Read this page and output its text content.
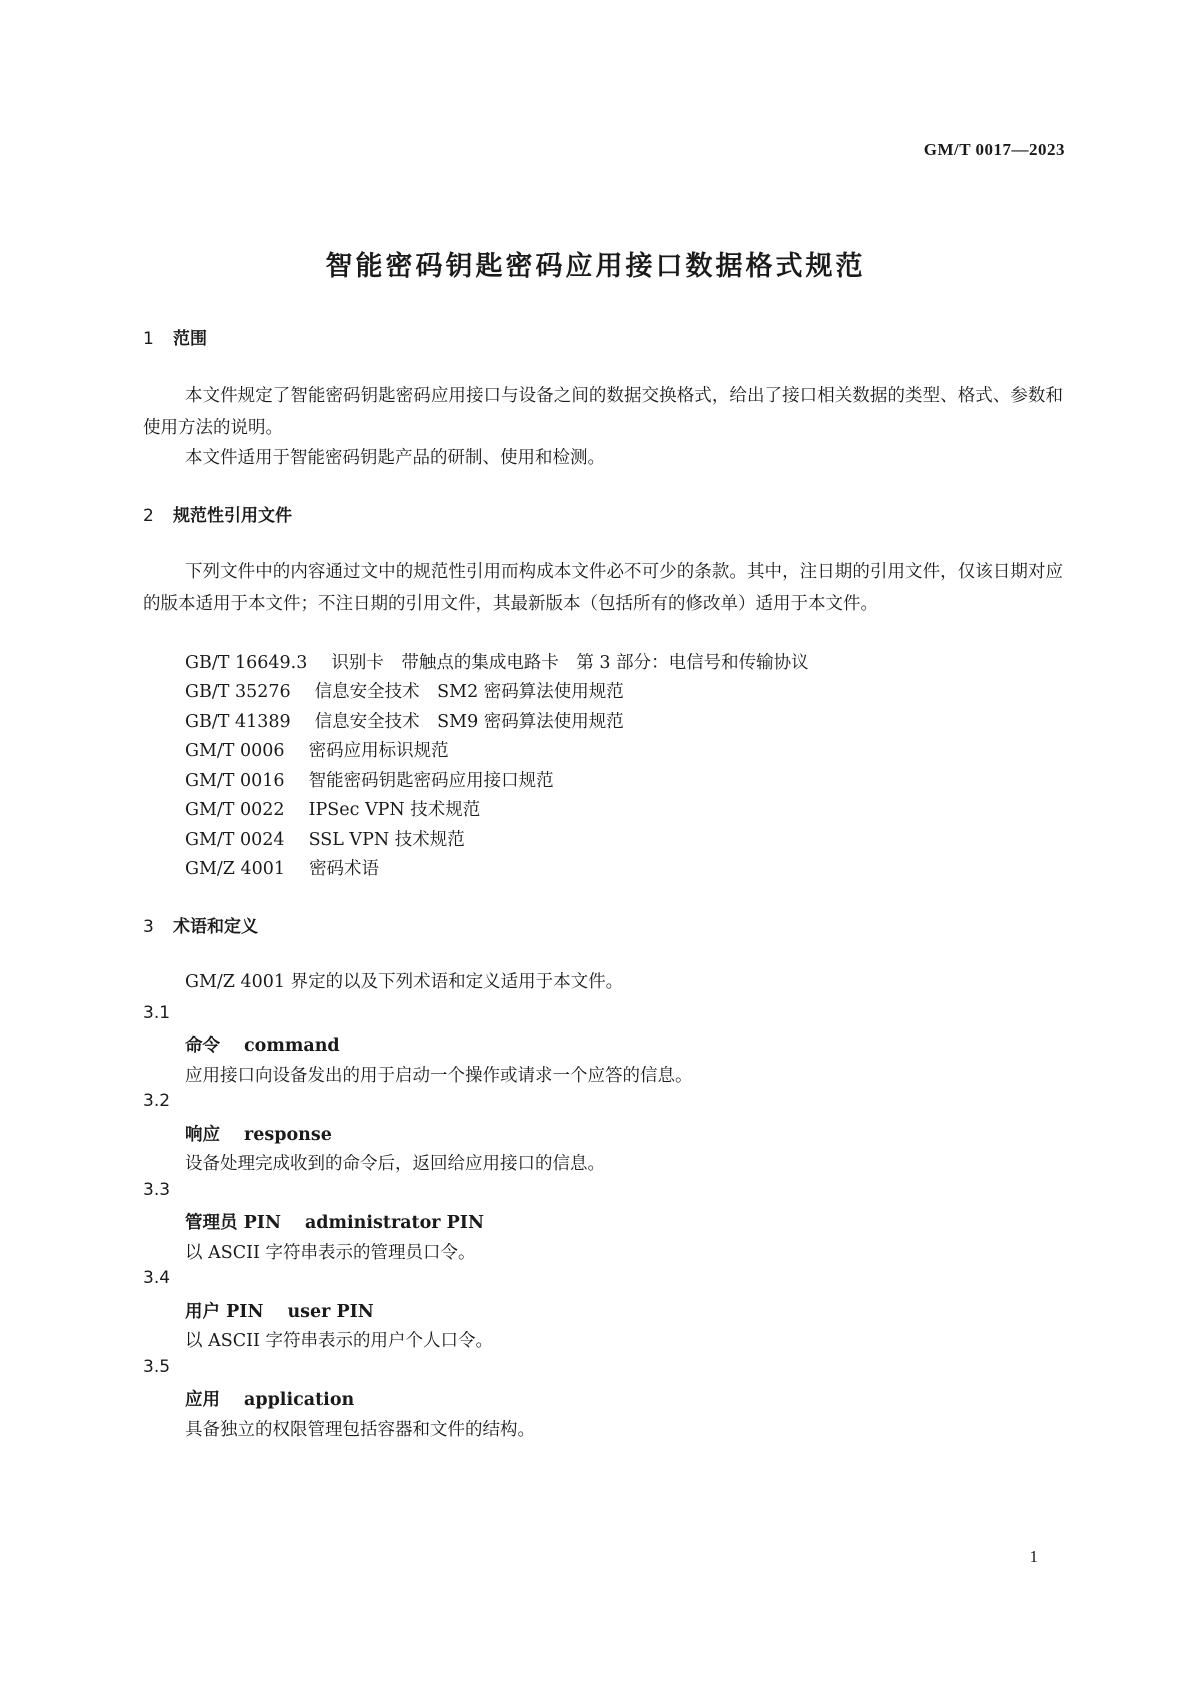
GM/T 0017—2023
智能密码钥匙密码应用接口数据格式规范
1 范围
本文件规定了智能密码钥匙密码应用接口与设备之间的数据交换格式，给出了接口相关数据的类型、格式、参数和使用方法的说明。
本文件适用于智能密码钥匙产品的研制、使用和检测。
2 规范性引用文件
下列文件中的内容通过文中的规范性引用而构成本文件必不可少的条款。其中，注日期的引用文件，仅该日期对应的版本适用于本文件；不注日期的引用文件，其最新版本（包括所有的修改单）适用于本文件。
GB/T 16649.3 识别卡　带触点的集成电路卡　第 3 部分：电信号和传输协议
GB/T 35276 信息安全技术　SM2 密码算法使用规范
GB/T 41389 信息安全技术　SM9 密码算法使用规范
GM/T 0006 密码应用标识规范
GM/T 0016 智能密码钥匙密码应用接口规范
GM/T 0022 IPSec VPN 技术规范
GM/T 0024 SSL VPN 技术规范
GM/Z 4001 密码术语
3 术语和定义
GM/Z 4001 界定的以及下列术语和定义适用于本文件。
3.1
命令 command
应用接口向设备发出的用于启动一个操作或请求一个应答的信息。
3.2
响应 response
设备处理完成收到的命令后，返回给应用接口的信息。
3.3
管理员 PIN administrator PIN
以 ASCII 字符串表示的管理员口令。
3.4
用户 PIN user PIN
以 ASCII 字符串表示的用户个人口令。
3.5
应用 application
具备独立的权限管理包括容器和文件的结构。
1
